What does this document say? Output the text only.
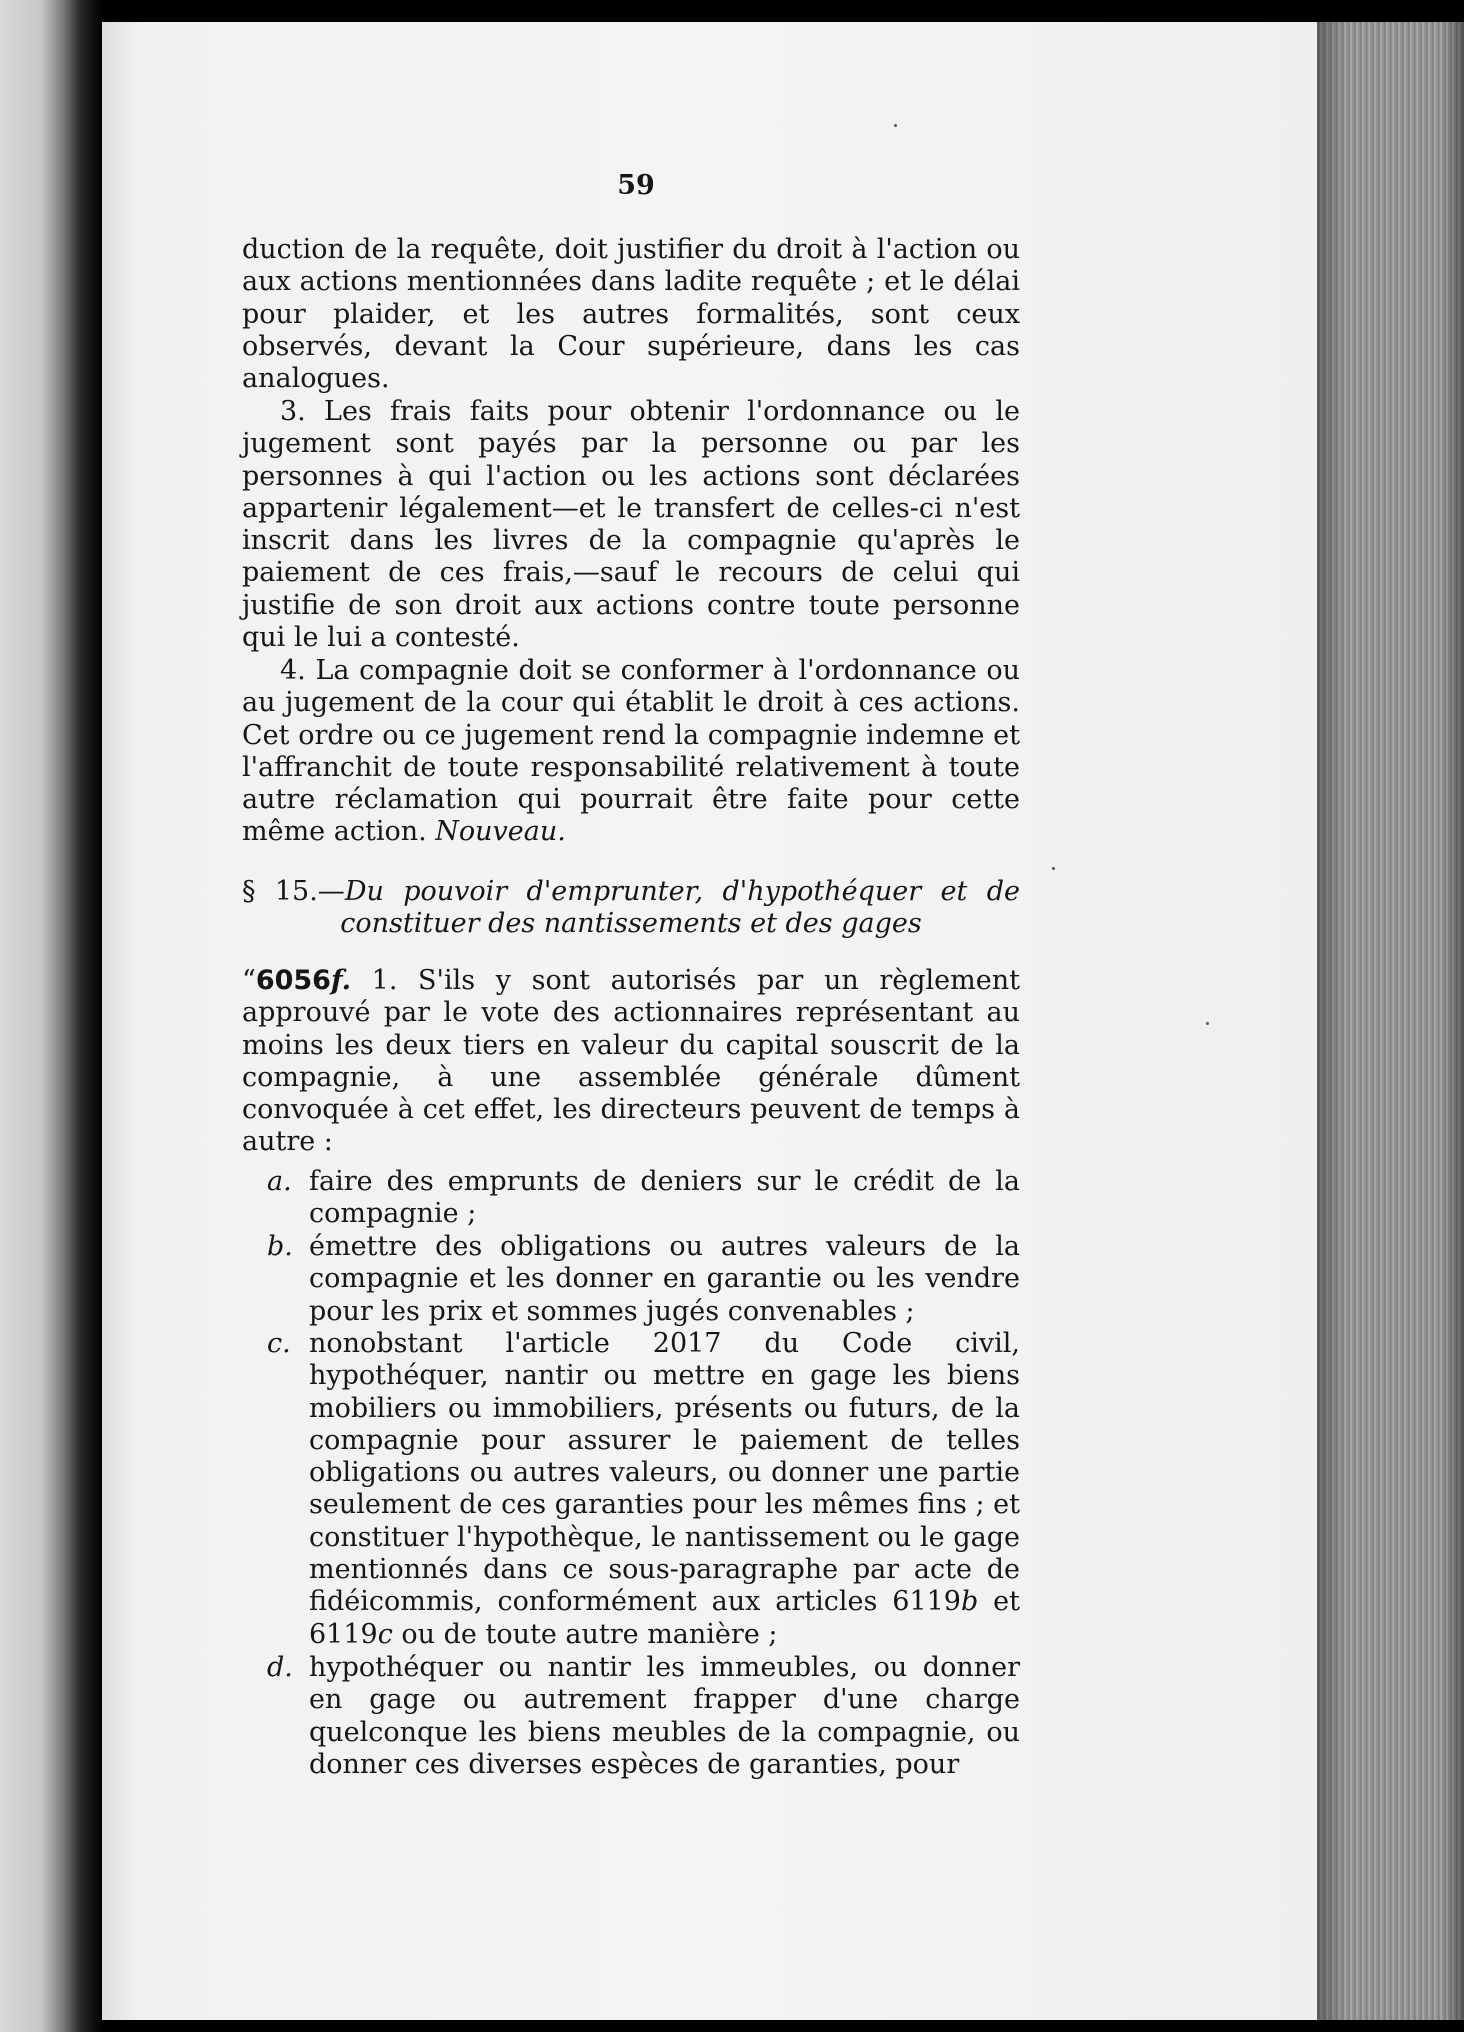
59

duction de la requête, doit justifier du droit à l'action ou aux actions mentionnées dans ladite requête ; et le délai pour plaider, et les autres formalités, sont ceux observés, devant la Cour supérieure, dans les cas analogues.

3. Les frais faits pour obtenir l'ordonnance ou le jugement sont payés par la personne ou par les personnes à qui l'action ou les actions sont déclarées appartenir légalement—et le transfert de celles-ci n'est inscrit dans les livres de la compagnie qu'après le paiement de ces frais,—sauf le recours de celui qui justifie de son droit aux actions contre toute personne qui le lui a contesté.

4. La compagnie doit se conformer à l'ordonnance ou au jugement de la cour qui établit le droit à ces actions. Cet ordre ou ce jugement rend la compagnie indemne et l'affranchit de toute responsabilité relativement à toute autre réclamation qui pourrait être faite pour cette même action. Nouveau.

§ 15.—Du pouvoir d'emprunter, d'hypothéquer et de
constituer des nantissements et des gages

“6056f. 1. S'ils y sont autorisés par un règlement approuvé par le vote des actionnaires représentant au moins les deux tiers en valeur du capital souscrit de la compagnie, à une assemblée générale dûment convoquée à cet effet, les directeurs peuvent de temps à autre :

a. faire des emprunts de deniers sur le crédit de la compagnie ;
b. émettre des obligations ou autres valeurs de la compagnie et les donner en garantie ou les vendre pour les prix et sommes jugés convenables ;
c. nonobstant l'article 2017 du Code civil, hypothéquer, nantir ou mettre en gage les biens mobiliers ou immobiliers, présents ou futurs, de la compagnie pour assurer le paiement de telles obligations ou autres valeurs, ou donner une partie seulement de ces garanties pour les mêmes fins ; et constituer l'hypothèque, le nantissement ou le gage mentionnés dans ce sous-paragraphe par acte de fidéicommis, conformément aux articles 6119b et 6119c ou de toute autre manière ;
d. hypothéquer ou nantir les immeubles, ou donner en gage ou autrement frapper d'une charge quelconque les biens meubles de la compagnie, ou donner ces diverses espèces de garanties, pour
